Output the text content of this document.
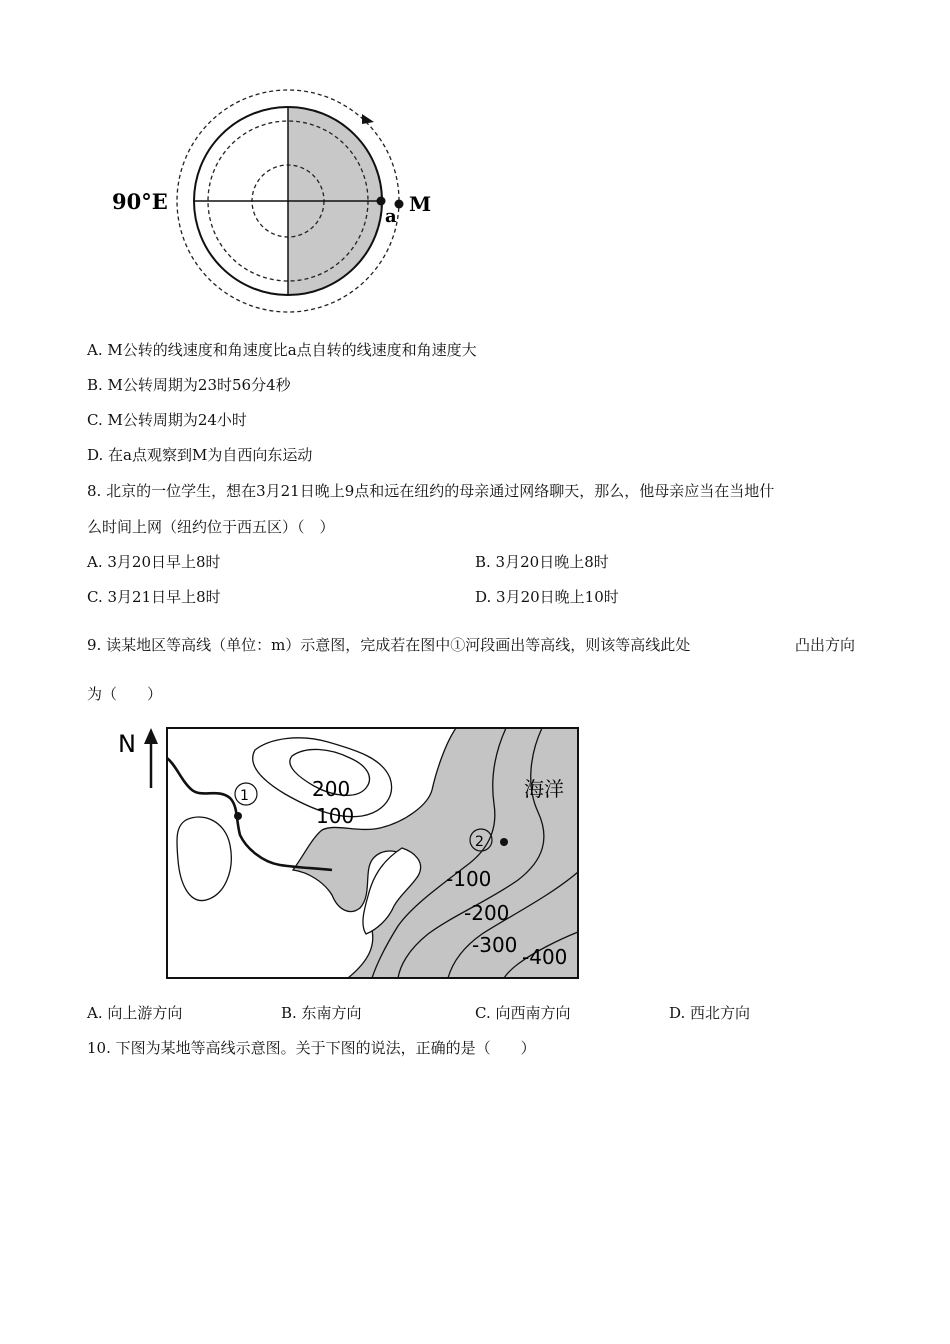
90°E
a
M
A. M公转的线速度和角速度比a点自转的线速度和角速度大
B. M公转周期为23时56分4秒
C. M公转周期为24小时
D. 在a点观察到M为自西向东运动
8. 北京的一位学生，想在3月21日晚上9点和远在纽约的母亲通过网络聊天，那么，他母亲应当在当地什
么时间上网（纽约位于西五区）（　）
A. 3月20日早上8时	B. 3月20日晚上8时
C. 3月21日早上8时	D. 3月20日晚上10时
9. 读某地区等高线（单位：m）示意图，完成若在图中①河段画出等高线，则该等高线此处	凸出方向
为（　　）
N
1
2
海洋
200
100
-100
-200
-300 -400
A. 向上游方向	B. 东南方向	C. 向西南方向	D. 西北方向
10. 下图为某地等高线示意图。关于下图的说法，正确的是（　　）
